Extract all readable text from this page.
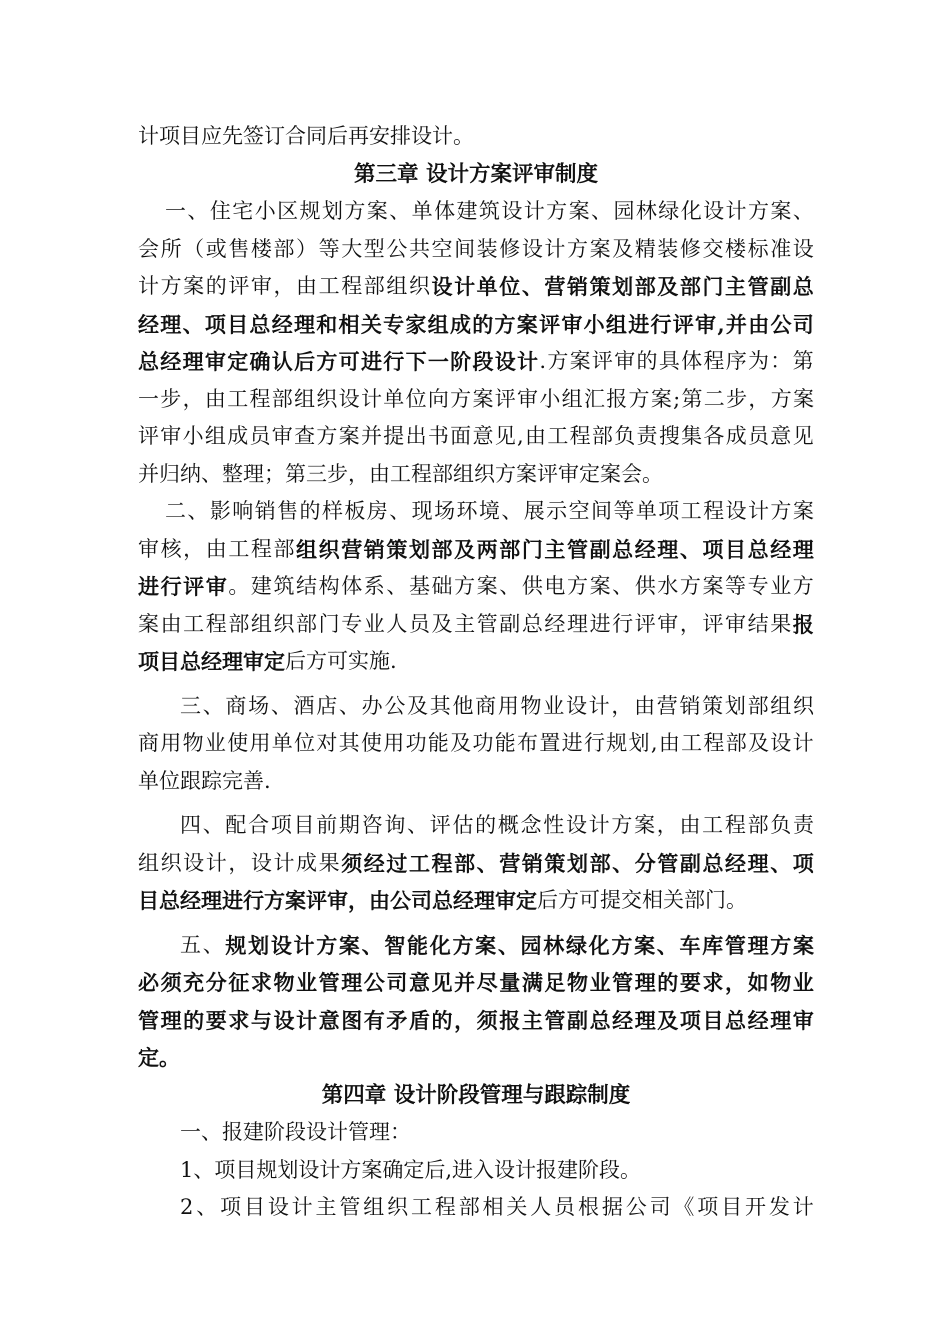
计项目应先签订合同后再安排设计。
第三章 设计方案评审制度
一 、 住 宅 小 区 规 划 方 案 、 单 体 建 筑 设 计 方 案 、 园 林 绿 化 设 计 方 案 、
会 所 （ 或 售 楼 部 ） 等 大 型 公 共 空 间 装 修 设 计 方 案 及 精 装 修 交 楼 标 准 设
计 方 案 的 评 审 ， 由 工 程 部 组 织 设 计 单 位 、 营 销 策 划 部 及 部 门 主 管 副 总
经 理 、 项 目 总 经 理 和 相 关 专 家 组 成 的 方 案 评 审 小 组 进 行 评 审 , 并 由 公 司
总 经 理 审 定 确 认 后 方 可 进 行 下 一 阶 段 设 计 . 方 案 评 审 的 具 体 程 序 为 ： 第
一 步 ， 由 工 程 部 组 织 设 计 单 位 向 方 案 评 审 小 组 汇 报 方 案 ; 第 二 步 ， 方 案
评 审 小 组 成 员 审 查 方 案 并 提 出 书 面 意 见 , 由 工 程 部 负 责 搜 集 各 成 员 意 见
并归纳、整理；第三步，由工程部组织方案评审定案会。
二 、 影 响 销 售 的 样 板 房 、 现 场 环 境 、 展 示 空 间 等 单 项 工 程 设 计 方 案
审 核 ， 由 工 程 部 组 织 营 销 策 划 部 及 两 部 门 主 管 副 总 经 理 、 项 目 总 经 理
进 行 评 审 。 建 筑 结 构 体 系 、 基 础 方 案 、 供 电 方 案 、 供 水 方 案 等 专 业 方
案 由 工 程 部 组 织 部 门 专 业 人 员 及 主 管 副 总 经 理 进 行 评 审 ， 评 审 结 果 报
项目总经理审定 后方可实施.
三 、 商 场 、 酒 店 、 办 公 及 其 他 商 用 物 业 设 计 ， 由 营 销 策 划 部 组 织
商 用 物 业 使 用 单 位 对 其 使 用 功 能 及 功 能 布 置 进 行 规 划 , 由 工 程 部 及 设 计
单位跟踪完善.
四 、 配 合 项 目 前 期 咨 询 、 评 估 的 概 念 性 设 计 方 案 ， 由 工 程 部 负 责
组 织 设 计 ， 设 计 成 果 须 经 过 工 程 部 、 营 销 策 划 部 、 分 管 副 总 经 理 、 项
目总经理进行方案评审，由公司总经理审定 后方可提交相关部门。
五 、 规 划 设 计 方 案 、 智 能 化 方 案 、 园 林 绿 化 方 案 、 车 库 管 理 方 案
必 须 充 分 征 求 物 业 管 理 公 司 意 见 并 尽 量 满 足 物 业 管 理 的 要 求 ， 如 物 业
管 理 的 要 求 与 设 计 意 图 有 矛 盾 的 ， 须 报 主 管 副 总 经 理 及 项 目 总 经 理 审
定。
第四章 设计阶段管理与跟踪制度
一、报建阶段设计管理：
1、项目规划设计方案确定后,进入设计报建阶段。
2 、 项 目 设 计 主 管 组 织 工 程 部 相 关 人 员 根 据 公 司 《 项 目 开 发 计
